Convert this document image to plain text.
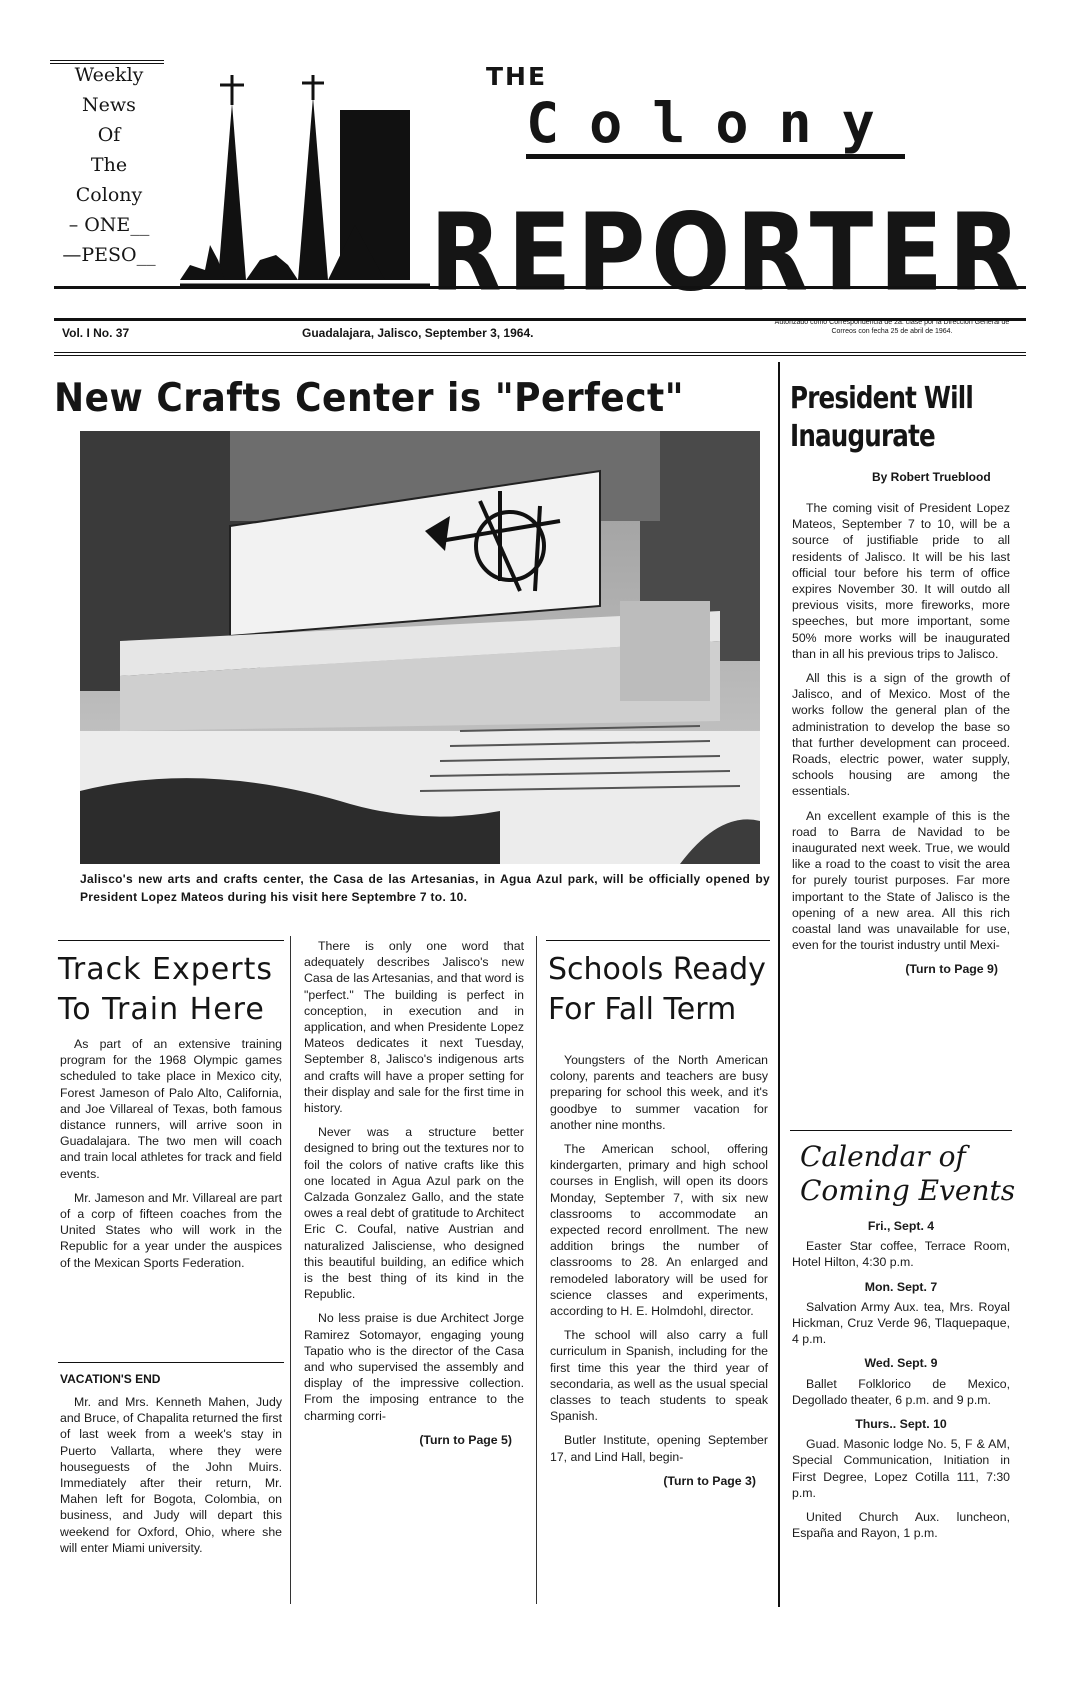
Weekly
News
Of
The
Colony
– ONE__
—PESO__
THE
Colony
REPORTER
Vol. I No. 37	Guadalajara, Jalisco, September 3, 1964.
Autorizado como Correspondencia de 2a. clase por la Dirección General de Correos con fecha 25 de abril de 1964.
New Crafts Center is "Perfect"
Jalisco's new arts and crafts center, the Casa de las Artesanias, in Agua Azul park, will be officially opened by President Lopez Mateos during his visit here Septembre 7 to. 10.
Track Experts
To Train Here

As part of an extensive training program for the 1968 Olympic games scheduled to take place in Mexico city, Forest Jameson of Palo Alto, California, and Joe Villareal of Texas, both famous distance runners, will arrive soon in Guadalajara. The two men will coach and train local athletes for track and field events.

Mr. Jameson and Mr. Villareal are part of a corp of fifteen coaches from the United States who will work in the Republic for a year under the auspices of the Mexican Sports Federation.

VACATION'S END

Mr. and Mrs. Kenneth Mahen, Judy and Bruce, of Chapalita returned the first of last week from a week's stay in Puerto Vallarta, where they were houseguests of the John Muirs. Immediately after their return, Mr. Mahen left for Bogota, Colombia, on business, and Judy will depart this weekend for Oxford, Ohio, where she will enter Miami university.

There is only one word that adequately describes Jalisco's new Casa de las Artesanias, and that word is "perfect." The building is perfect in conception, in execution and in application, and when Presidente Lopez Mateos dedicates it next Tuesday, September 8, Jalisco's indigenous arts and crafts will have a proper setting for their display and sale for the first time in history.

Never was a structure better designed to bring out the textures nor to foil the colors of native crafts like this one located in Agua Azul park on the Calzada Gonzalez Gallo, and the state owes a real debt of gratitude to Architect Eric C. Coufal, native Austrian and naturalized Jalisciense, who designed this beautiful building, an edifice which is the best thing of its kind in the Republic.

No less praise is due Architect Jorge Ramirez Sotomayor, engaging young Tapatio who is the director of the Casa and who supervised the assembly and display of the impressive collection. From the imposing entrance to the charming corri-

(Turn to Page 5)

Schools Ready
For Fall Term

Youngsters of the North American colony, parents and teachers are busy preparing for school this week, and it's goodbye to summer vacation for another nine months.

The American school, offering kindergarten, primary and high school courses in English, will open its doors Monday, September 7, with six new classrooms to accommodate an expected record enrollment. The new addition brings the number of classrooms to 28. An enlarged and remodeled laboratory will be used for science classes and experiments, according to H. E. Holmdohl, director.

The school will also carry a full curriculum in Spanish, including for the first time this year the third year of secondaria, as well as the usual special classes to teach students to speak Spanish.

Butler Institute, opening September 17, and Lind Hall, begin-

(Turn to Page 3)

President Will
Inaugurate
By Robert Trueblood

The coming visit of President Lopez Mateos, September 7 to 10, will be a source of justifiable pride to all residents of Jalisco. It will be his last official tour before his term of office expires November 30. It will outdo all previous visits, more fireworks, more speeches, but more important, some 50% more works will be inaugurated than in all his previous trips to Jalisco.

All this is a sign of the growth of Jalisco, and of Mexico. Most of the works follow the general plan of the administration to develop the base so that further development can proceed. Roads, electric power, water supply, schools housing are among the essentials.

An excellent example of this is the road to Barra de Navidad to be inaugurated next week. True, we would like a road to the coast to visit the area for purely tourist purposes. Far more important to the State of Jalisco is the opening of a new area. All this rich coastal land was unavailable for use, even for the tourist industry until Mexi-

(Turn to Page 9)

Calendar of
Coming Events

Fri., Sept. 4

Easter Star coffee, Terrace Room, Hotel Hilton, 4:30 p.m.

Mon. Sept. 7

Salvation Army Aux. tea, Mrs. Royal Hickman, Cruz Verde 96, Tlaquepaque, 4 p.m.

Wed. Sept. 9

Ballet Folklorico de Mexico, Degollado theater, 6 p.m. and 9 p.m.

Thurs.. Sept. 10

Guad. Masonic lodge No. 5, F & AM, Special Communication, Initiation in First Degree, Lopez Cotilla 111, 7:30 p.m.

United Church Aux. luncheon, España and Rayon, 1 p.m.
